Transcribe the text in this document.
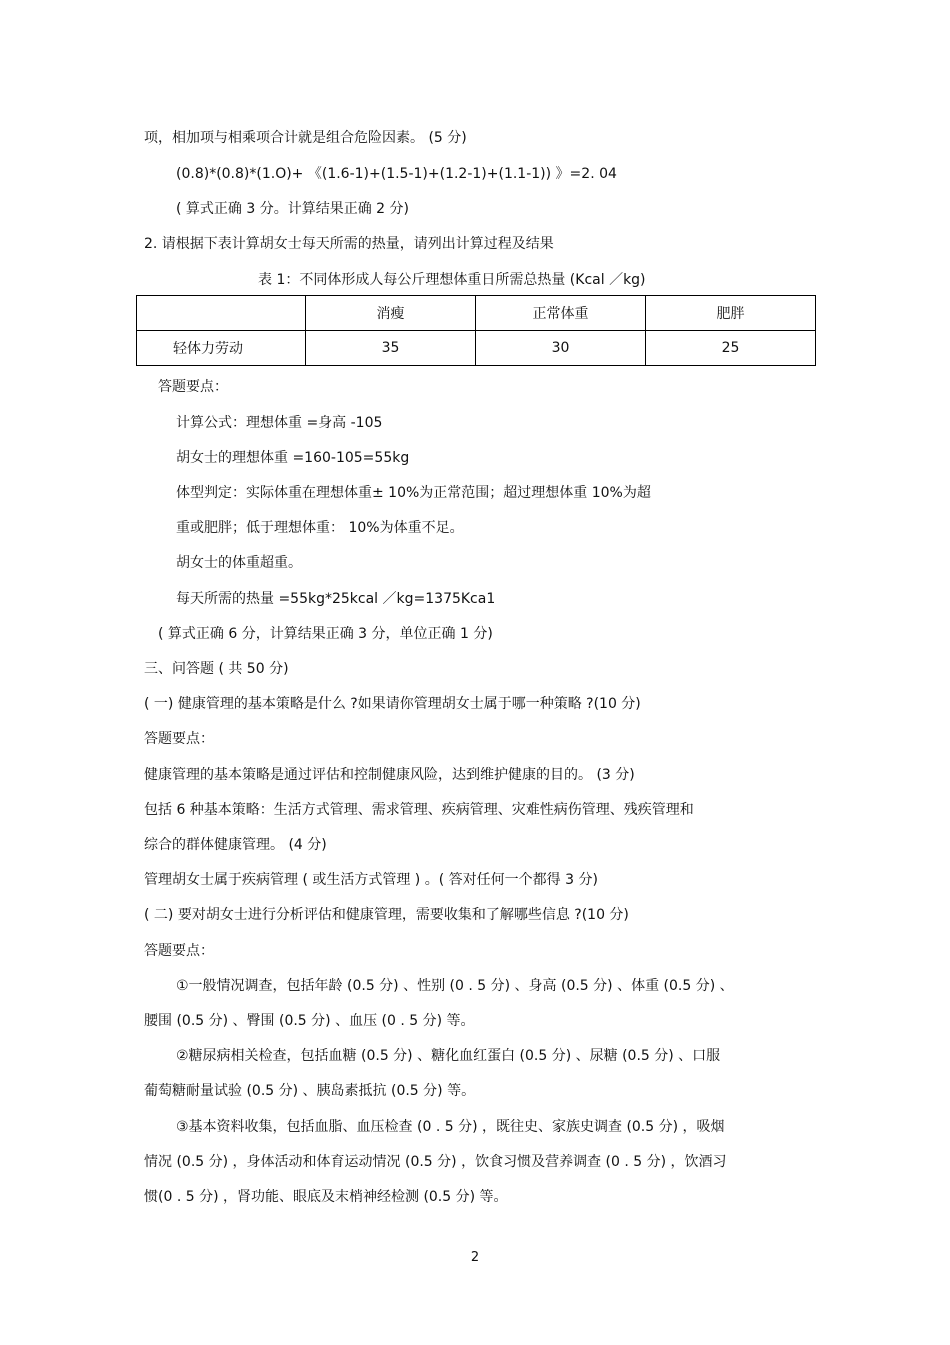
项，相加项与相乘项合计就是组合危险因素。 (5 分)
(0.8)*(0.8)*(1.O)+ 《(1.6-1)+(1.5-1)+(1.2-1)+(1.1-1)) 》=2. 04
( 算式正确 3 分。计算结果正确 2 分)
2. 请根据下表计算胡女士每天所需的热量，请列出计算过程及结果
表 1：不同体形成人每公斤理想体重日所需总热量 (Kcal ／kg)
	消瘦	正常体重	肥胖
轻体力劳动	35	30	25
答题要点：
计算公式：理想体重 =身高 -105
胡女士的理想体重 =160-105=55kg
体型判定：实际体重在理想体重± 10%为正常范围；超过理想体重 10%为超
重或肥胖；低于理想体重： 10%为体重不足。
胡女士的体重超重。
每天所需的热量 =55kg*25kcal ／kg=1375Kca1
( 算式正确 6 分，计算结果正确 3 分，单位正确 1 分)
三、问答题 ( 共 50 分)
( 一) 健康管理的基本策略是什么 ?如果请你管理胡女士属于哪一种策略 ?(10 分)
答题要点：
健康管理的基本策略是通过评估和控制健康风险，达到维护健康的目的。 (3 分)
包括 6 种基本策略：生活方式管理、需求管理、疾病管理、灾难性病伤管理、残疾管理和
综合的群体健康管理。 (4 分)
管理胡女士属于疾病管理 ( 或生活方式管理 ) 。( 答对任何一个都得 3 分)
( 二) 要对胡女士进行分析评估和健康管理，需要收集和了解哪些信息 ?(10 分)
答题要点：
①一般情况调查，包括年龄 (0.5 分) 、性别 (0 . 5 分) 、身高 (0.5 分) 、体重 (0.5 分) 、
腰围 (0.5 分) 、臀围 (0.5 分) 、血压 (0 . 5 分) 等。
②糖尿病相关检查，包括血糖 (0.5 分) 、糖化血红蛋白 (0.5 分) 、尿糖 (0.5 分) 、口服
葡萄糖耐量试验 (0.5 分) 、胰岛素抵抗 (0.5 分) 等。
③基本资料收集，包括血脂、血压检查 (0 . 5 分) ，既往史、家族史调查 (0.5 分) ，吸烟
情况 (0.5 分) ，身体活动和体育运动情况 (0.5 分) ，饮食习惯及营养调查 (0 . 5 分) ，饮酒习
惯(0 . 5 分) ，肾功能、眼底及末梢神经检测 (0.5 分) 等。
2
